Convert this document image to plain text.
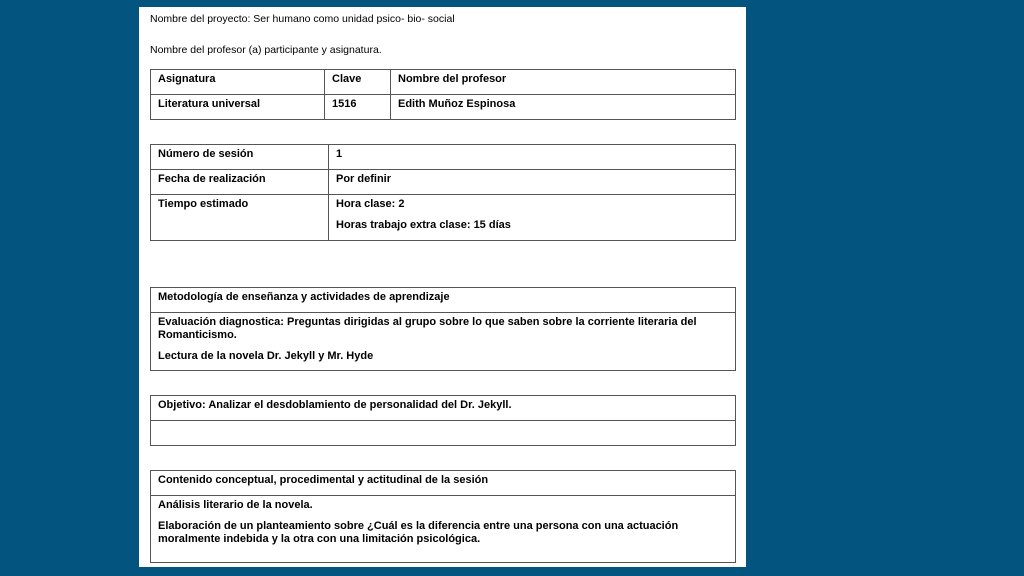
Nombre del proyecto: Ser humano como unidad psico- bio- social
Nombre del profesor (a) participante y asignatura.
Asignatura	Clave	Nombre del profesor
Literatura universal	1516	Edith Muñoz Espinosa
Número de sesión	1
Fecha de realización	Por definir
Tiempo estimado	Hora clase: 2

Horas trabajo extra clase: 15 días

Metodología de enseñanza y actividades de aprendizaje

Evaluación diagnostica: Preguntas dirigidas al grupo sobre lo que saben sobre la corriente literaria del Romanticismo.

Lectura de la novela Dr. Jekyll y Mr. Hyde

Objetivo: Analizar el desdoblamiento de personalidad del Dr. Jekyll.

Contenido conceptual, procedimental y actitudinal de la sesión

Análisis literario de la novela.

Elaboración de un planteamiento sobre ¿Cuál es la diferencia entre una persona con una actuación moralmente indebida y la otra con una limitación psicológica.
